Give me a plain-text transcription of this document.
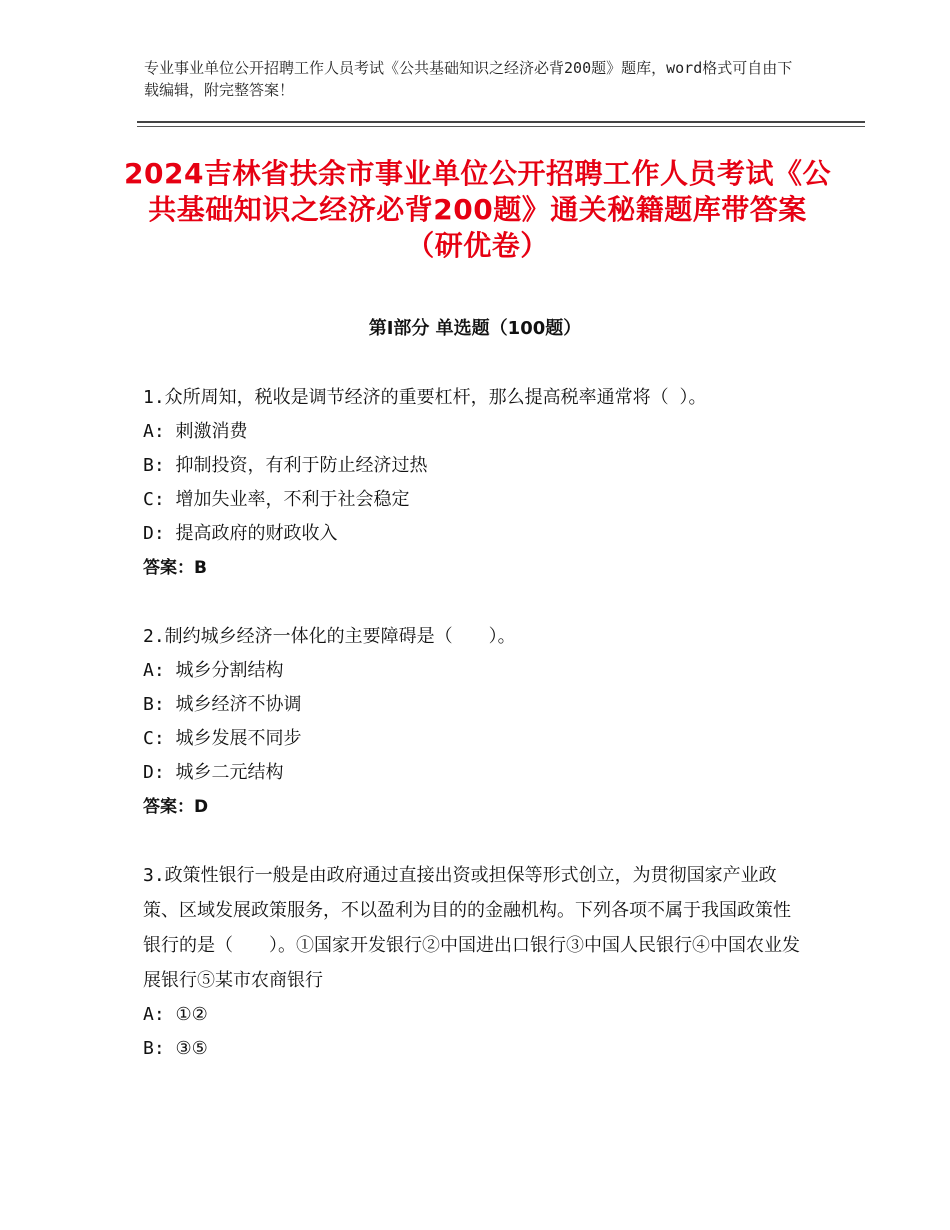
专业事业单位公开招聘工作人员考试《公共基础知识之经济必背200题》题库，word格式可自由下载编辑，附完整答案！
2024吉林省扶余市事业单位公开招聘工作人员考试《公共基础知识之经济必背200题》通关秘籍题库带答案（研优卷）
第I部分 单选题（100题）
1.众所周知，税收是调节经济的重要杠杆，那么提高税率通常将（ ）。
A: 刺激消费
B: 抑制投资，有利于防止经济过热
C: 增加失业率，不利于社会稳定
D: 提高政府的财政收入
答案：B
2.制约城乡经济一体化的主要障碍是（　　）。
A: 城乡分割结构
B: 城乡经济不协调
C: 城乡发展不同步
D: 城乡二元结构
答案：D
3.政策性银行一般是由政府通过直接出资或担保等形式创立，为贯彻国家产业政策、区域发展政策服务，不以盈利为目的的金融机构。下列各项不属于我国政策性银行的是（　　）。①国家开发银行②中国进出口银行③中国人民银行④中国农业发展银行⑤某市农商银行
A: ①②
B: ③⑤
